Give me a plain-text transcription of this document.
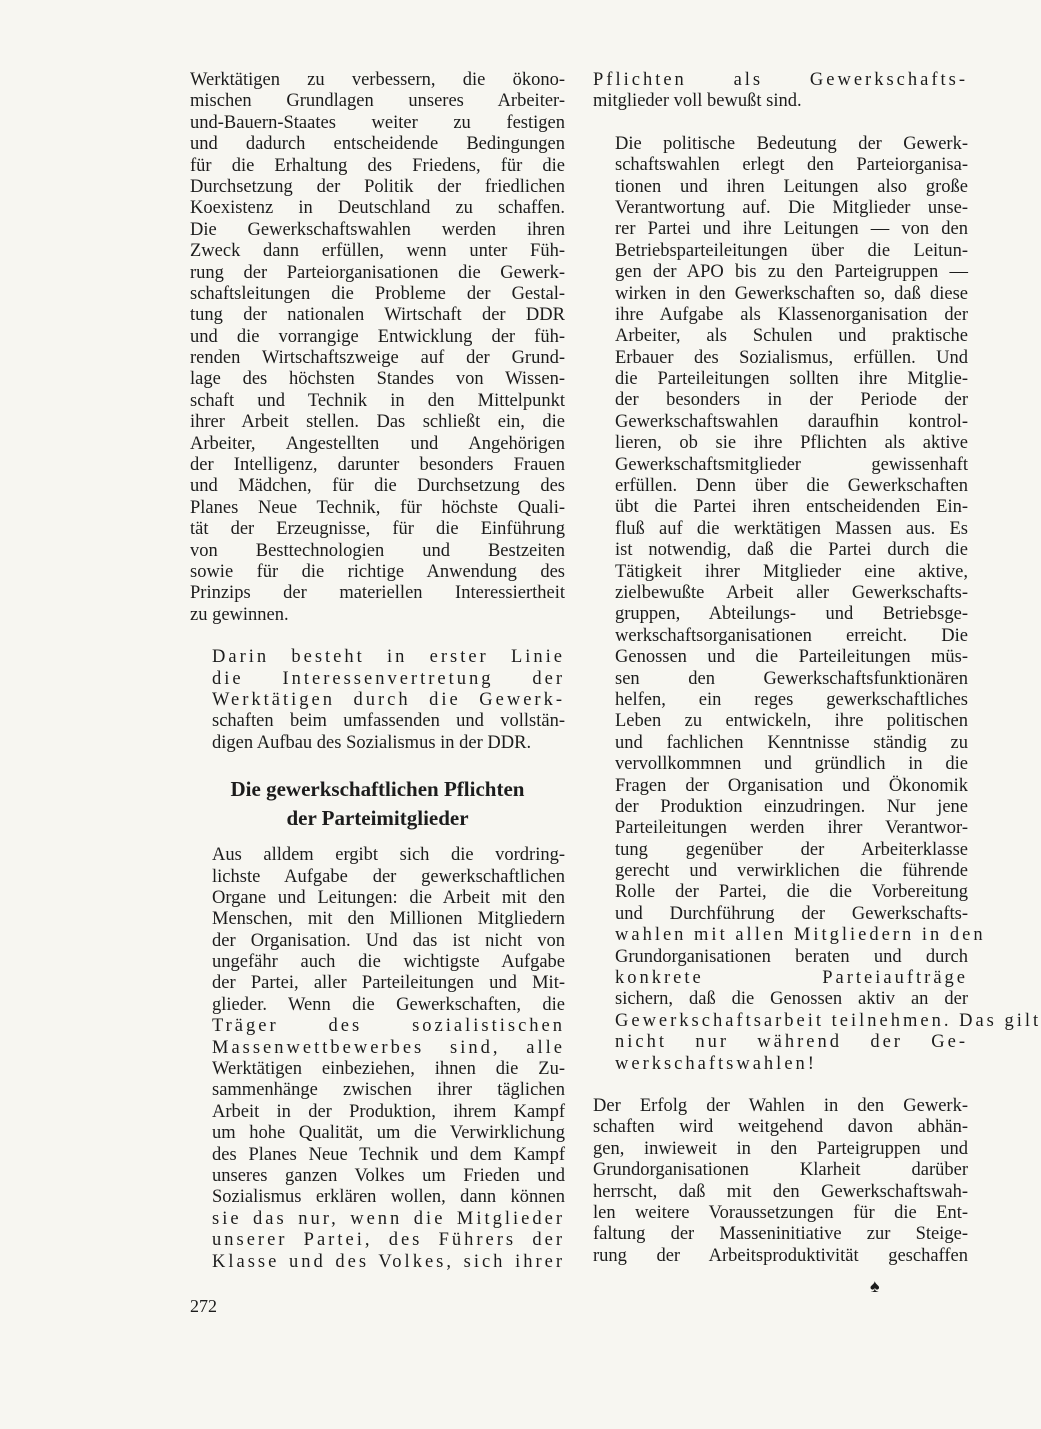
Werktätigen zu verbessern, die ökono-
mischen Grundlagen unseres Arbeiter-
und-Bauern-Staates weiter zu festigen
und dadurch entscheidende Bedingungen
für die Erhaltung des Friedens, für die
Durchsetzung der Politik der friedlichen
Koexistenz in Deutschland zu schaffen.
Die Gewerkschaftswahlen werden ihren
Zweck dann erfüllen, wenn unter Füh-
rung der Parteiorganisationen die Gewerk-
schaftsleitungen die Probleme der Gestal-
tung der nationalen Wirtschaft der DDR
und die vorrangige Entwicklung der füh-
renden Wirtschaftszweige auf der Grund-
lage des höchsten Standes von Wissen-
schaft und Technik in den Mittelpunkt
ihrer Arbeit stellen. Das schließt ein, die
Arbeiter, Angestellten und Angehörigen
der Intelligenz, darunter besonders Frauen
und Mädchen, für die Durchsetzung des
Planes Neue Technik, für höchste Quali-
tät der Erzeugnisse, für die Einführung
von Besttechnologien und Bestzeiten
sowie für die richtige Anwendung des
Prinzips der materiellen Interessiertheit
zu gewinnen.
Darin besteht in erster Linie
die Interessenvertretung der
Werktätigen durch die Gewerk-
schaften beim umfassenden und vollstän-
digen Aufbau des Sozialismus in der DDR.
Die gewerkschaftlichen Pflichten
der Parteimitglieder
Aus alldem ergibt sich die vordring-
lichste Aufgabe der gewerkschaftlichen
Organe und Leitungen: die Arbeit mit den
Menschen, mit den Millionen Mitgliedern
der Organisation. Und das ist nicht von
ungefähr auch die wichtigste Aufgabe
der Partei, aller Parteileitungen und Mit-
glieder. Wenn die Gewerkschaften, die
Träger des sozialistischen
Massenwettbewerbes sind, alle
Werktätigen einbeziehen, ihnen die Zu-
sammenhänge zwischen ihrer täglichen
Arbeit in der Produktion, ihrem Kampf
um hohe Qualität, um die Verwirklichung
des Planes Neue Technik und dem Kampf
unseres ganzen Volkes um Frieden und
Sozialismus erklären wollen, dann können
sie das nur, wenn die Mitglieder
unserer Partei, des Führers der
Klasse und des Volkes, sich ihrer
Pflichten als Gewerkschafts-
mitglieder voll bewußt sind.
Die politische Bedeutung der Gewerk-
schaftswahlen erlegt den Parteiorganisa-
tionen und ihren Leitungen also große
Verantwortung auf. Die Mitglieder unse-
rer Partei und ihre Leitungen — von den
Betriebsparteileitungen über die Leitun-
gen der APO bis zu den Parteigruppen —
wirken in den Gewerkschaften so, daß diese
ihre Aufgabe als Klassenorganisation der
Arbeiter, als Schulen und praktische
Erbauer des Sozialismus, erfüllen. Und
die Parteileitungen sollten ihre Mitglie-
der besonders in der Periode der
Gewerkschaftswahlen daraufhin kontrol-
lieren, ob sie ihre Pflichten als aktive
Gewerkschaftsmitglieder gewissenhaft
erfüllen. Denn über die Gewerkschaften
übt die Partei ihren entscheidenden Ein-
fluß auf die werktätigen Massen aus. Es
ist notwendig, daß die Partei durch die
Tätigkeit ihrer Mitglieder eine aktive,
zielbewußte Arbeit aller Gewerkschafts-
gruppen, Abteilungs- und Betriebsge-
werkschaftsorganisationen erreicht. Die
Genossen und die Parteileitungen müs-
sen den Gewerkschaftsfunktionären
helfen, ein reges gewerkschaftliches
Leben zu entwickeln, ihre politischen
und fachlichen Kenntnisse ständig zu
vervollkommnen und gründlich in die
Fragen der Organisation und Ökonomik
der Produktion einzudringen. Nur jene
Parteileitungen werden ihrer Verantwor-
tung gegenüber der Arbeiterklasse
gerecht und verwirklichen die führende
Rolle der Partei, die die Vorbereitung
und Durchführung der Gewerkschafts-
wahlen mit allen Mitgliedern in den
Grundorganisationen beraten und durch
konkrete Parteiaufträge
sichern, daß die Genossen aktiv an der
Gewerkschaftsarbeit teilnehmen. Das gilt
nicht nur während der Ge-
werkschaftswahlen!
Der Erfolg der Wahlen in den Gewerk-
schaften wird weitgehend davon abhän-
gen, inwieweit in den Parteigruppen und
Grundorganisationen Klarheit darüber
herrscht, daß mit den Gewerkschaftswah-
len weitere Voraussetzungen für die Ent-
faltung der Masseninitiative zur Steige-
rung der Arbeitsproduktivität geschaffen
272
♠
